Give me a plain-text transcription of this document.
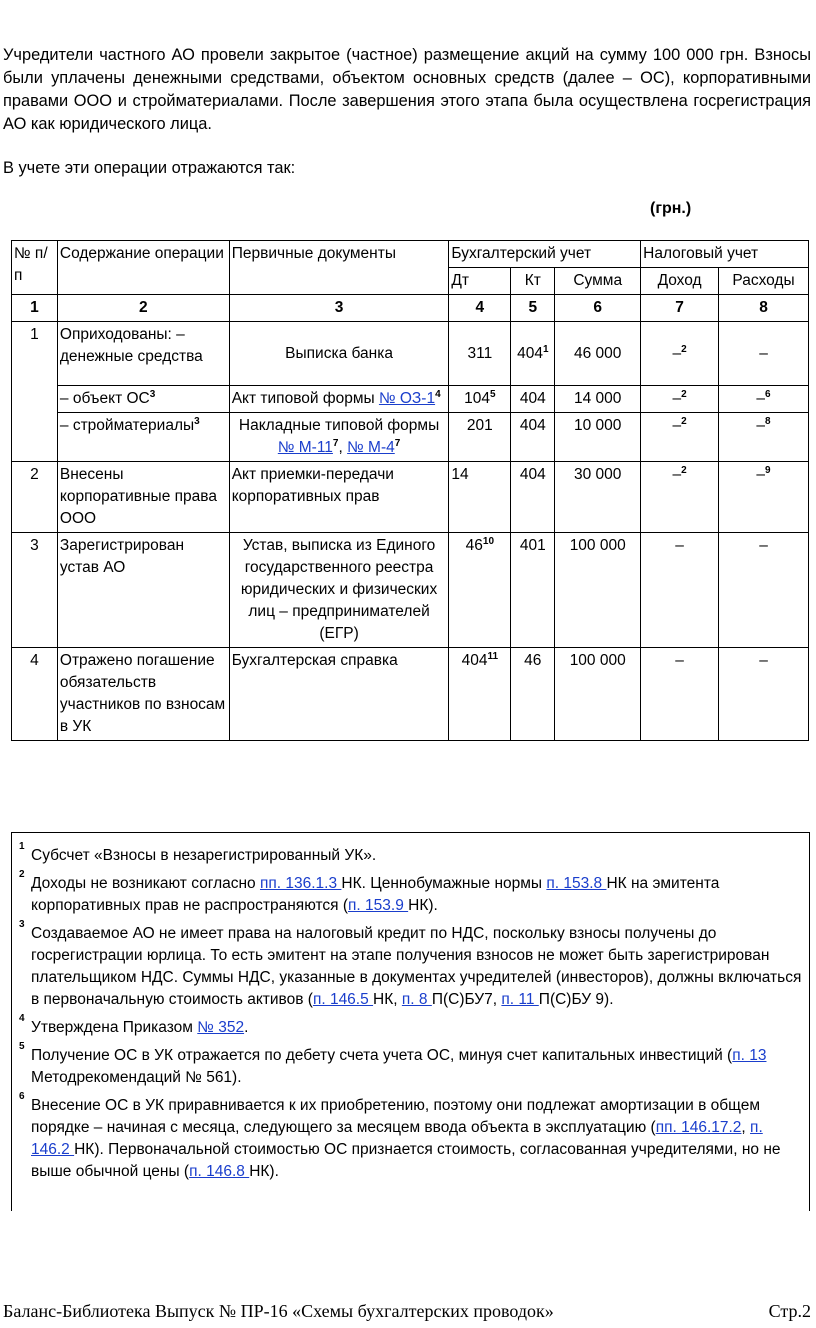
Учредители частного АО провели закрытое (частное) размещение акций на сумму 100 000 грн. Взносы были уплачены денежными средствами, объектом основных средств (далее – ОС), корпоративными правами ООО и стройматериалами. После завершения этого этапа была осуществлена госрегистрация АО как юридического лица.
В учете эти операции отражаются так:
(грн.)
№ п/п	Содержание операции	Первичные документы	Бухгалтерский учет			Налоговый учет	
			Дт	Кт	Сумма	Доход	Расходы
1	2	3	4	5	6	7	8
1	Оприходованы: – денежные средства	Выписка банка	311	$404^1$	46 000	–$^2$	–
	– объект $ОС^3$	Акт типовой формы № $ОЗ-1^4$	$104^5$	404	14 000	–$^2$	–$^6$
	– стройматериалы$^3$	Накладные типовой формы
№ $М-11^7$, № $М-4^7$	201	404	10 000	–$^2$	–$^8$
2	Внесены корпоративные права ООО	Акт приемки-передачи корпоративных прав	14	404	30 000	–$^2$	–$^9$
3	Зарегистрирован устав АО	Устав, выписка из Единого государственного реестра юридических и физических лиц – предпринимателей (ЕГР)	$46^{10}$	401	100 000	–	–
4	Отражено погашение обязательств участников по взносам в УК	Бухгалтерская справка	$404^{11}$	46	100 000	–	–
1
Субсчет «Взносы в незарегистрированный УК».
2
Доходы не возникают согласно пп. 136.1.3 НК. Ценнобумажные нормы п. 153.8 НК на эмитента корпоративных прав не распространяются (п. 153.9 НК).
3
Создаваемое АО не имеет права на налоговый кредит по НДС, поскольку взносы получены до госрегистрации юрлица. То есть эмитент на этапе получения взносов не может быть зарегистрирован плательщиком НДС. Суммы НДС, указанные в документах учредителей (инвесторов), должны включаться в первоначальную стоимость активов (п. 146.5 НК, п. 8 П(С)БУ7, п. 11 П(С)БУ 9).
4
Утверждена Приказом № 352.
5
Получение ОС в УК отражается по дебету счета учета ОС, минуя счет капитальных инвестиций (п. 13 Методрекомендаций № 561).
6
Внесение ОС в УК приравнивается к их приобретению, поэтому они подлежат амортизации в общем порядке – начиная с месяца, следующего за месяцем ввода объекта в эксплуатацию (пп. 146.17.2, п. 146.2 НК). Первоначальной стоимостью ОС признается стоимость, согласованная учредителями, но не выше обычной цены (п. 146.8 НК).
Баланс-Библиотека Выпуск № ПР-16 «Схемы бухгалтерских проводок»	Стр.2
